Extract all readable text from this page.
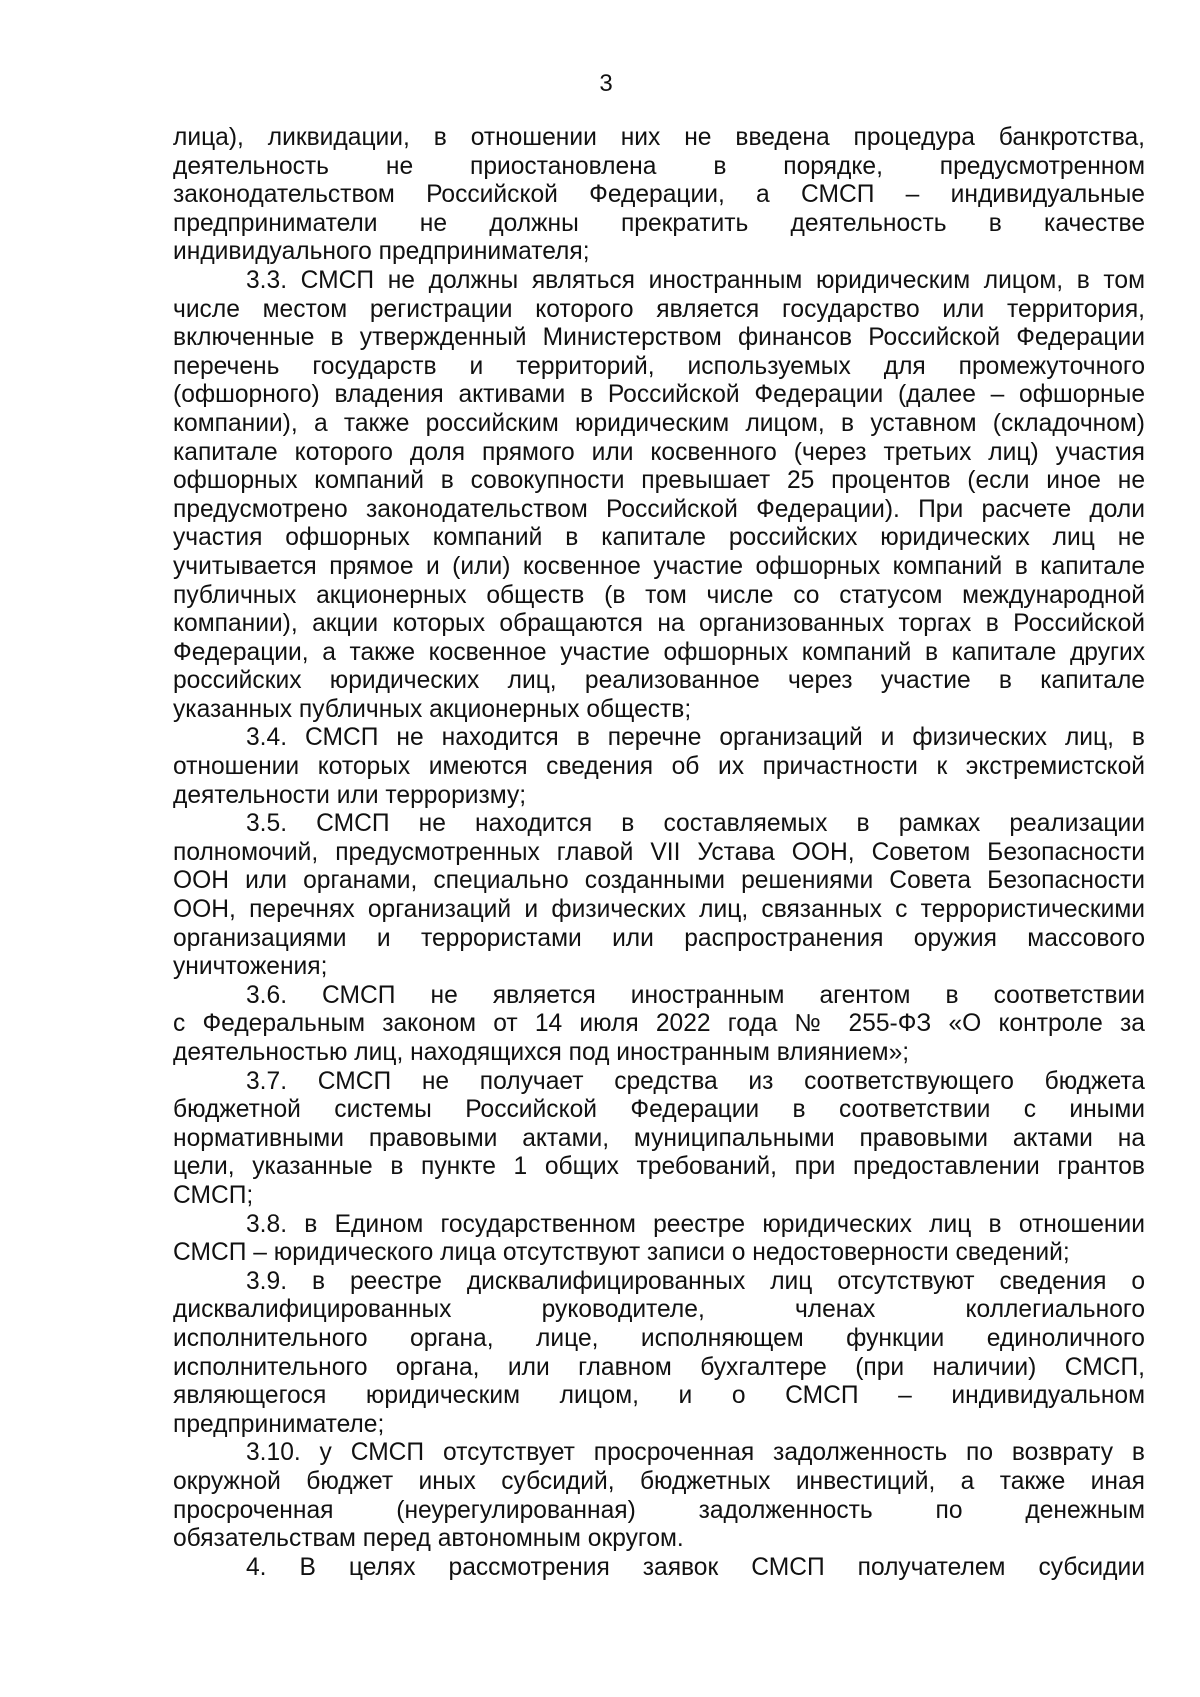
3
лица), ликвидации, в отношении них не введена процедура банкротства,
деятельность не приостановлена в порядке, предусмотренном
законодательством Российской Федерации, а СМСП – индивидуальные
предприниматели не должны прекратить деятельность в качестве
индивидуального предпринимателя;
3.3. СМСП не должны являться иностранным юридическим лицом, в том
числе местом регистрации которого является государство или территория,
включенные в утвержденный Министерством финансов Российской Федерации
перечень государств и территорий, используемых для промежуточного
(офшорного) владения активами в Российской Федерации (далее – офшорные
компании), а также российским юридическим лицом, в уставном (складочном)
капитале которого доля прямого или косвенного (через третьих лиц) участия
офшорных компаний в совокупности превышает 25 процентов (если иное не
предусмотрено законодательством Российской Федерации). При расчете доли
участия офшорных компаний в капитале российских юридических лиц не
учитывается прямое и (или) косвенное участие офшорных компаний в капитале
публичных акционерных обществ (в том числе со статусом международной
компании), акции которых обращаются на организованных торгах в Российской
Федерации, а также косвенное участие офшорных компаний в капитале других
российских юридических лиц, реализованное через участие в капитале
указанных публичных акционерных обществ;
3.4. СМСП не находится в перечне организаций и физических лиц, в
отношении которых имеются сведения об их причастности к экстремистской
деятельности или терроризму;
3.5. СМСП не находится в составляемых в рамках реализации
полномочий, предусмотренных главой VII Устава ООН, Советом Безопасности
ООН или органами, специально созданными решениями Совета Безопасности
ООН, перечнях организаций и физических лиц, связанных с террористическими
организациями и террористами или распространения оружия массового
уничтожения;
3.6. СМСП не является иностранным агентом в соответствии
с Федеральным законом от 14 июля 2022 года № 255-ФЗ «О контроле за
деятельностью лиц, находящихся под иностранным влиянием»;
3.7. СМСП не получает средства из соответствующего бюджета
бюджетной системы Российской Федерации в соответствии с иными
нормативными правовыми актами, муниципальными правовыми актами на
цели, указанные в пункте 1 общих требований, при предоставлении грантов
СМСП;
3.8. в Едином государственном реестре юридических лиц в отношении
СМСП – юридического лица отсутствуют записи о недостоверности сведений;
3.9. в реестре дисквалифицированных лиц отсутствуют сведения о
дисквалифицированных руководителе, членах коллегиального
исполнительного органа, лице, исполняющем функции единоличного
исполнительного органа, или главном бухгалтере (при наличии) СМСП,
являющегося юридическим лицом, и о СМСП – индивидуальном
предпринимателе;
3.10. у СМСП отсутствует просроченная задолженность по возврату в
окружной бюджет иных субсидий, бюджетных инвестиций, а также иная
просроченная (неурегулированная) задолженность по денежным
обязательствам перед автономным округом.
4. В целях рассмотрения заявок СМСП получателем субсидии
